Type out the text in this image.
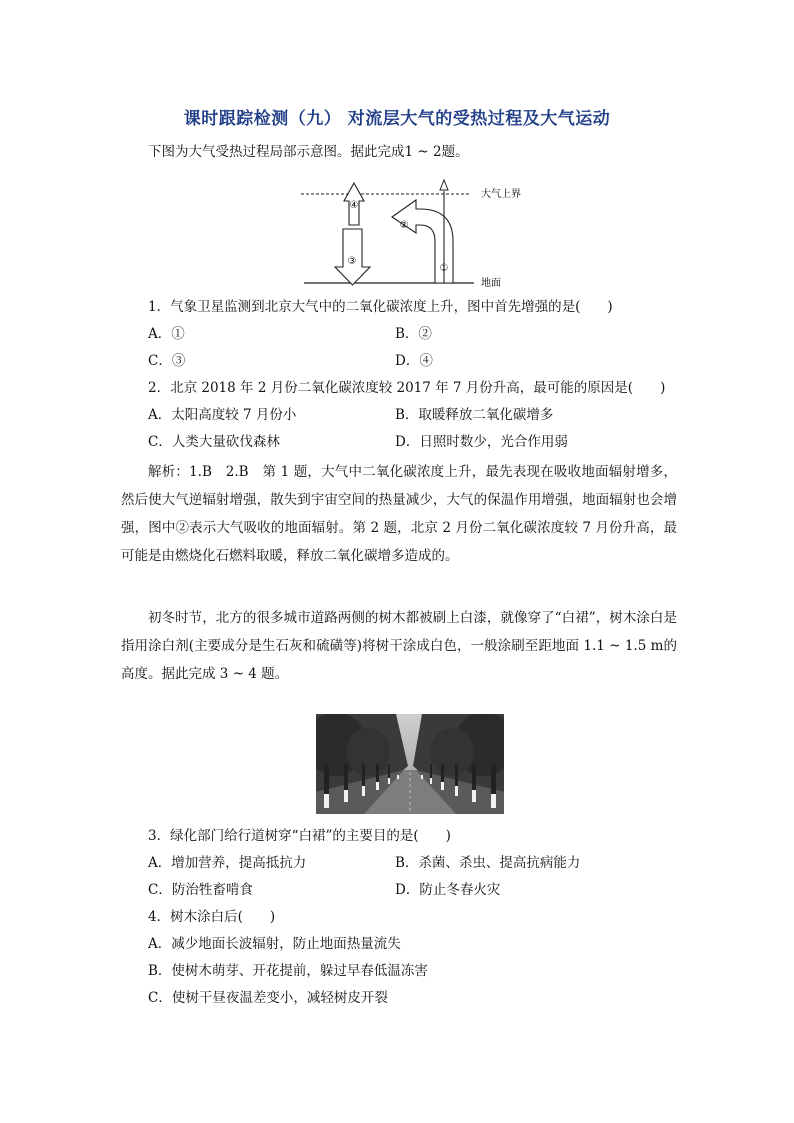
课时跟踪检测（九） 对流层大气的受热过程及大气运动
下图为大气受热过程局部示意图。据此完成1 ~ 2题。
④
③
②
①
大气上界
地面
1．气象卫星监测到北京大气中的二氧化碳浓度上升，图中首先增强的是(　　)
A．①	B．②
C．③	D．④
2．北京 2018 年 2 月份二氧化碳浓度较 2017 年 7 月份升高，最可能的原因是(　　)
A．太阳高度较 7 月份小	B．取暖释放二氧化碳增多
C．人类大量砍伐森林	D．日照时数少，光合作用弱

解析：1.B　2.B　第 1 题，大气中二氧化碳浓度上升，最先表现在吸收地面辐射增多，然后使大气逆辐射增强，散失到宇宙空间的热量减少，大气的保温作用增强，地面辐射也会增强，图中②表示大气吸收的地面辐射。第 2 题，北京 2 月份二氧化碳浓度较 7 月份升高，最可能是由燃烧化石燃料取暖，释放二氧化碳增多造成的。

初冬时节，北方的很多城市道路两侧的树木都被刷上白漆，就像穿了“白裙”，树木涂白是指用涂白剂(主要成分是生石灰和硫磺等)将树干涂成白色，一般涂刷至距地面 1.1 ~ 1.5 m的高度。据此完成 3 ~ 4 题。

3．绿化部门给行道树穿“白裙”的主要目的是(　　)
A．增加营养，提高抵抗力	B．杀菌、杀虫、提高抗病能力
C．防治牲畜啃食	D．防止冬春火灾
4．树木涂白后(　　)
A．减少地面长波辐射，防止地面热量流失
B．使树木萌芽、开花提前，躲过早春低温冻害
C．使树干昼夜温差变小，减轻树皮开裂
